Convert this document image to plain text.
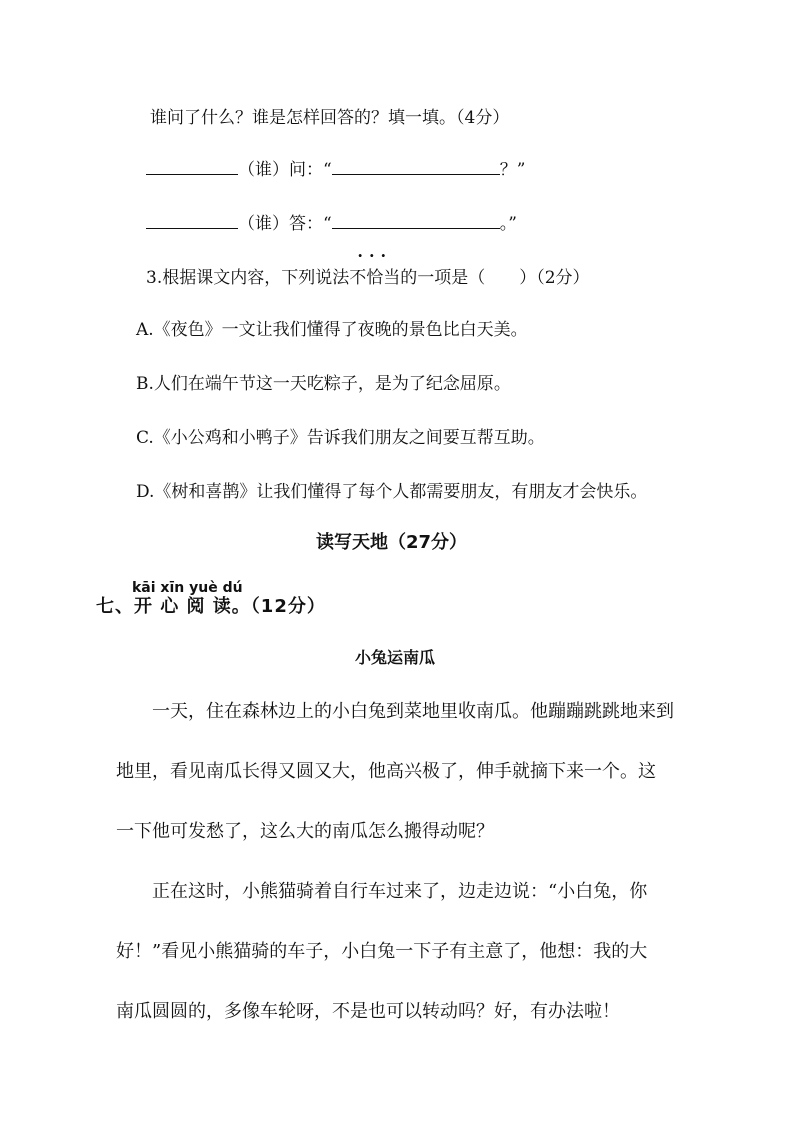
谁问了什么？谁是怎样回答的？填一填。（4分）
（谁）问：“	？”
（谁）答：“	。”
3.根据课文内容，下列说法
···
不恰当的一项是（　　）（2分）
A.《夜色》一文让我们懂得了夜晚的景色比白天美。
B.人们在端午节这一天吃粽子，是为了纪念屈原。
C.《小公鸡和小鸭子》告诉我们朋友之间要互帮互助。
D.《树和喜鹊》让我们懂得了每个人都需要朋友，有朋友才会快乐。
读写天地（27分）
kāi xīn yuè dú
七、开 心 阅 读。（12分）
小兔运南瓜
　　一天，住在森林边上的小白兔到菜地里收南瓜。他蹦蹦跳跳地来到
地里，看见南瓜长得又圆又大，他高兴极了，伸手就摘下来一个。这
一下他可发愁了，这么大的南瓜怎么搬得动呢？
　　正在这时，小熊猫骑着自行车过来了，边走边说：“小白兔，你
好！”看见小熊猫骑的车子，小白兔一下子有主意了，他想：我的大
南瓜圆圆的，多像车轮呀，不是也可以转动吗？好，有办法啦！
